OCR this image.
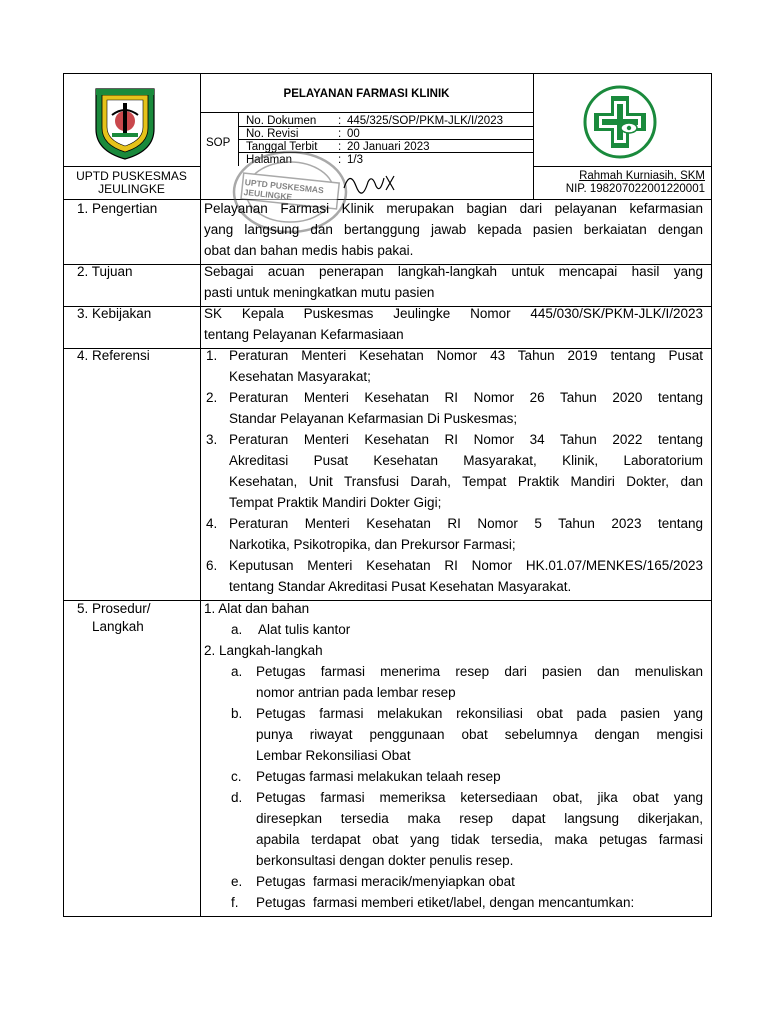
PELAYANAN FARMASI KLINIK
SOP
No. Dokumen : 445/325/SOP/PKM-JLK/I/2023
No. Revisi	: 00
Tanggal Terbit : 20 Januari 2023
Halaman	: 1/3
UPTD PUSKESMAS
JEULINGKE	UPTD PUSKESMAS JEULINGKE
Rahmah Kurniasih, SKM
NIP. 198207022001220001
1. Pengertian	Pelayanan Farmasi Klinik merupakan bagian dari pelayanan kefarmasian
yang langsung dan bertanggung jawab kepada pasien berkaiatan dengan
obat dan bahan medis habis pakai.
2. Tujuan	Sebagai acuan penerapan langkah-langkah untuk mencapai hasil yang
pasti untuk meningkatkan mutu pasien
3. Kebijakan	SK Kepala Puskesmas Jeulingke Nomor 445/030/SK/PKM-JLK/I/2023
tentang Pelayanan Kefarmasiaan
4. Referensi	1. Peraturan Menteri Kesehatan Nomor 43 Tahun 2019 tentang Pusat
Kesehatan Masyarakat;
2. Peraturan Menteri Kesehatan RI Nomor 26 Tahun 2020 tentang
Standar Pelayanan Kefarmasian Di Puskesmas;
3. Peraturan Menteri Kesehatan RI Nomor 34 Tahun 2022 tentang
Akreditasi Pusat Kesehatan Masyarakat, Klinik, Laboratorium
Kesehatan, Unit Transfusi Darah, Tempat Praktik Mandiri Dokter, dan
Tempat Praktik Mandiri Dokter Gigi;
4. Peraturan Menteri Kesehatan RI Nomor 5 Tahun 2023 tentang
Narkotika, Psikotropika, dan Prekursor Farmasi;
6. Keputusan Menteri Kesehatan RI Nomor HK.01.07/MENKES/165/2023
tentang Standar Akreditasi Pusat Kesehatan Masyarakat.
5. Prosedur/
Langkah
1. Alat dan bahan
a. Alat tulis kantor
2. Langkah-langkah
a. Petugas farmasi menerima resep dari pasien dan menuliskan
nomor antrian pada lembar resep
b. Petugas farmasi melakukan rekonsiliasi obat pada pasien yang
punya riwayat penggunaan obat sebelumnya dengan mengisi
Lembar Rekonsiliasi Obat
c. Petugas farmasi melakukan telaah resep
d. Petugas farmasi memeriksa ketersediaan obat, jika obat yang
diresepkan tersedia maka resep dapat langsung dikerjakan,
apabila terdapat obat yang tidak tersedia, maka petugas farmasi
berkonsultasi dengan dokter penulis resep.
e. Petugas  farmasi meracik/menyiapkan obat
f. Petugas  farmasi memberi etiket/label, dengan mencantumkan:
